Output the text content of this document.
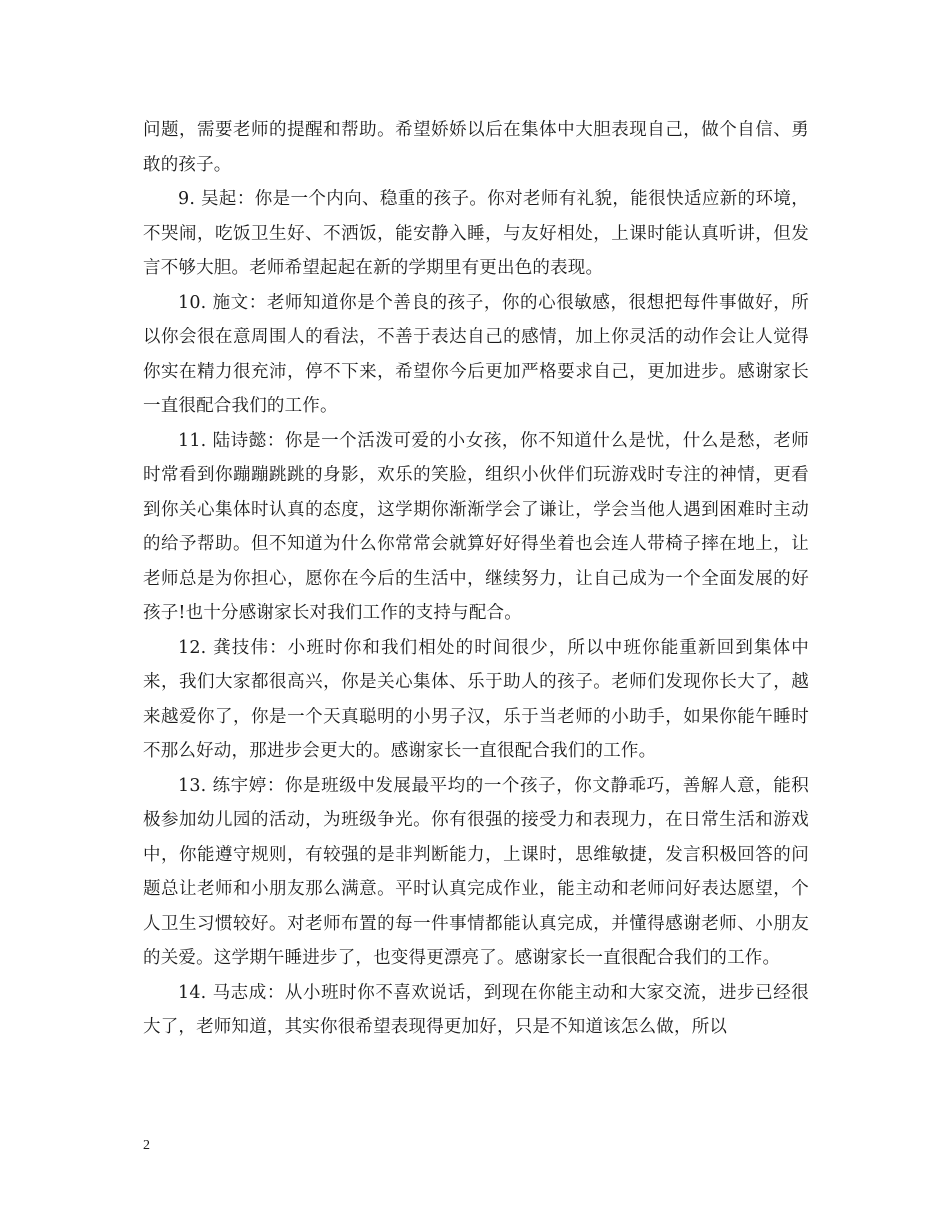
问题，需要老师的提醒和帮助。希望娇娇以后在集体中大胆表现自己，做个自信、勇敢的孩子。

9. 吴起：你是一个内向、稳重的孩子。你对老师有礼貌，能很快适应新的环境，不哭闹，吃饭卫生好、不洒饭，能安静入睡，与友好相处，上课时能认真听讲，但发言不够大胆。老师希望起起在新的学期里有更出色的表现。

10. 施文：老师知道你是个善良的孩子，你的心很敏感，很想把每件事做好，所以你会很在意周围人的看法，不善于表达自己的感情，加上你灵活的动作会让人觉得你实在精力很充沛，停不下来，希望你今后更加严格要求自己，更加进步。感谢家长一直很配合我们的工作。

11. 陆诗懿：你是一个活泼可爱的小女孩，你不知道什么是忧，什么是愁，老师时常看到你蹦蹦跳跳的身影，欢乐的笑脸，组织小伙伴们玩游戏时专注的神情，更看到你关心集体时认真的态度，这学期你渐渐学会了谦让，学会当他人遇到困难时主动的给予帮助。但不知道为什么你常常会就算好好得坐着也会连人带椅子摔在地上，让老师总是为你担心，愿你在今后的生活中，继续努力，让自己成为一个全面发展的好孩子!也十分感谢家长对我们工作的支持与配合。

12. 龚技伟：小班时你和我们相处的时间很少，所以中班你能重新回到集体中来，我们大家都很高兴，你是关心集体、乐于助人的孩子。老师们发现你长大了，越来越爱你了，你是一个天真聪明的小男子汉，乐于当老师的小助手，如果你能午睡时不那么好动，那进步会更大的。感谢家长一直很配合我们的工作。

13. 练宇婷：你是班级中发展最平均的一个孩子，你文静乖巧，善解人意，能积极参加幼儿园的活动，为班级争光。你有很强的接受力和表现力，在日常生活和游戏中，你能遵守规则，有较强的是非判断能力，上课时，思维敏捷，发言积极回答的问题总让老师和小朋友那么满意。平时认真完成作业，能主动和老师问好表达愿望，个人卫生习惯较好。对老师布置的每一件事情都能认真完成，并懂得感谢老师、小朋友的关爱。这学期午睡进步了，也变得更漂亮了。感谢家长一直很配合我们的工作。

14. 马志成：从小班时你不喜欢说话，到现在你能主动和大家交流，进步已经很大了，老师知道，其实你很希望表现得更加好，只是不知道该怎么做，所以

2
